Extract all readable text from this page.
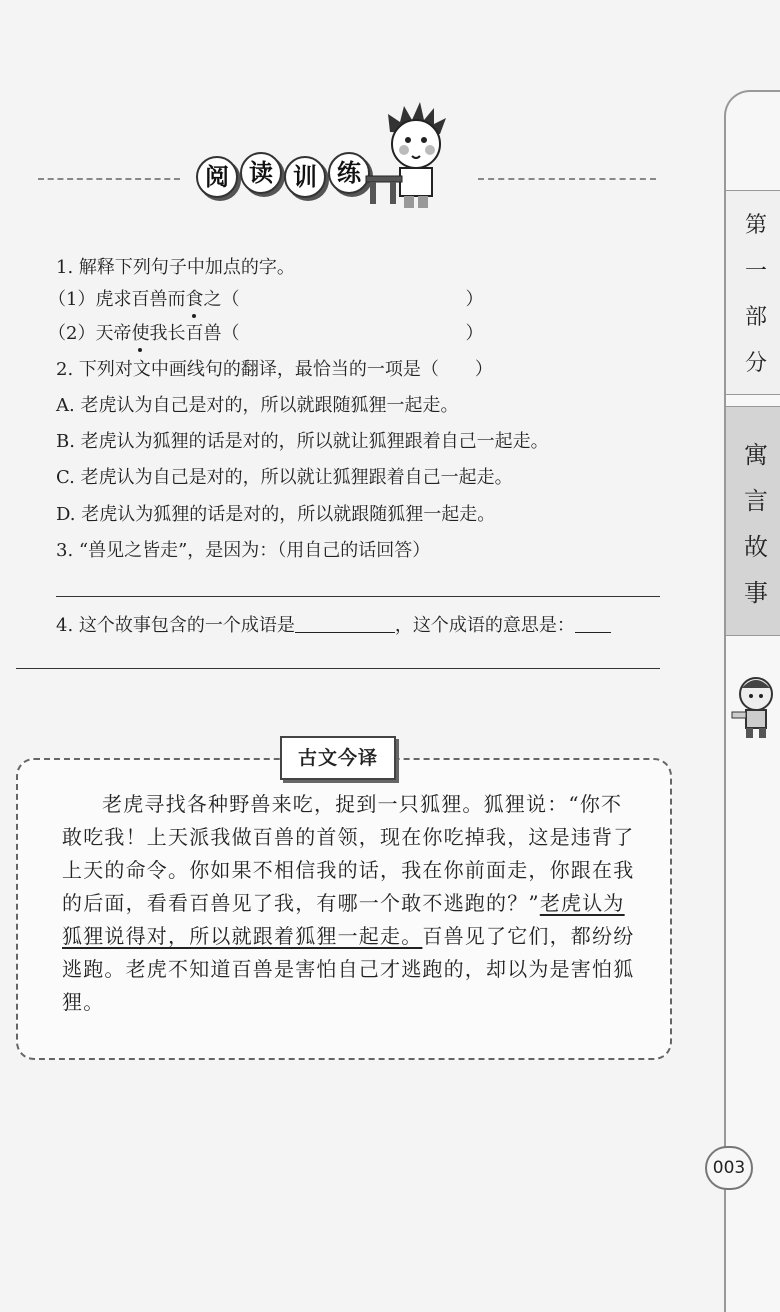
阅 读 训 练
1. 解释下列句子中加点的字。
（1）虎求百兽而食之（	）
（2）天帝使我长百兽（	）
2. 下列对文中画线句的翻译，最恰当的一项是（　　）
A. 老虎认为自己是对的，所以就跟随狐狸一起走。
B. 老虎认为狐狸的话是对的，所以就让狐狸跟着自己一起走。
C. 老虎认为自己是对的，所以就让狐狸跟着自己一起走。
D. 老虎认为狐狸的话是对的，所以就跟随狐狸一起走。
3. “兽见之皆走”，是因为：（用自己的话回答）
4. 这个故事包含的一个成语是	，这个成语的意思是：
第
一
部
分
寓
言
故
事
古文今译
老虎寻找各种野兽来吃，捉到一只狐狸。狐狸说：“你不敢吃我！上天派我做百兽的首领，现在你吃掉我，这是违背了上天的命令。你如果不相信我的话，我在你前面走，你跟在我的后面，看看百兽见了我，有哪一个敢不逃跑的？”老虎认为狐狸说得对，所以就跟着狐狸一起走。百兽见了它们，都纷纷逃跑。老虎不知道百兽是害怕自己才逃跑的，却以为是害怕狐狸。
003
